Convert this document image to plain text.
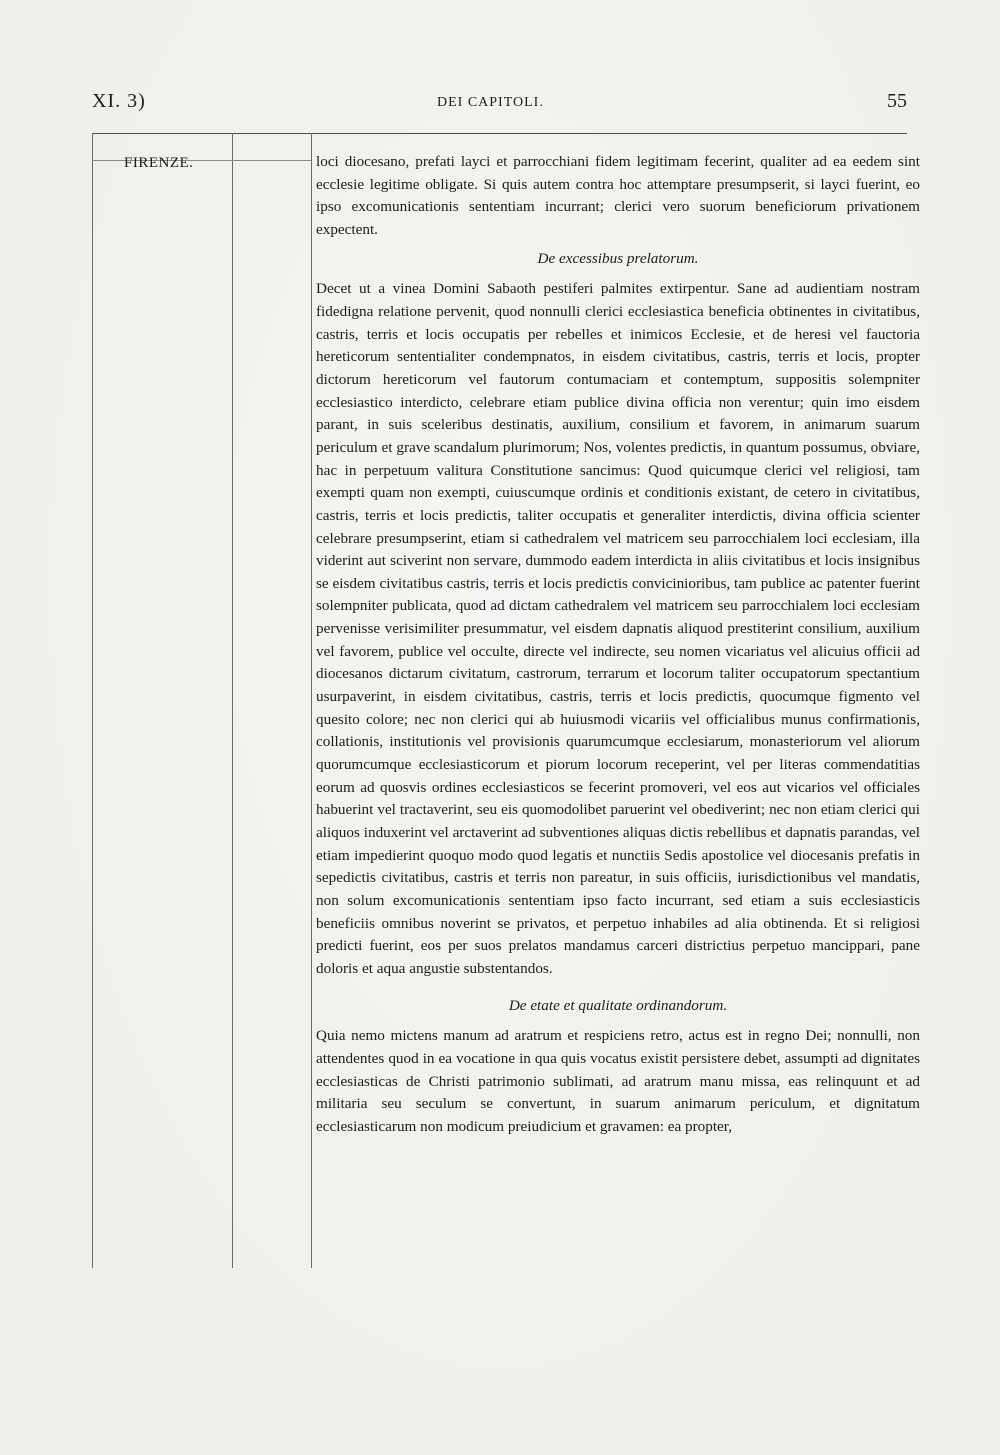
XI. 3)	DEI CAPITOLI.	55
FIRENZE.	loci diocesano, prefati layci et parrocchiani fidem legitimam fecerint, qualiter ad ea eedem sint ecclesie legitime obligate. Si quis autem contra hoc attemptare presumpserit, si layci fuerint, eo ipso excomunicationis sententiam incurrant; clerici vero suorum beneficiorum privationem expectent.

De excessibus prelatorum.

Decet ut a vinea Domini Sabaoth pestiferi palmites extirpentur. Sane ad audientiam nostram fidedigna relatione pervenit, quod nonnulli clerici ecclesiastica beneficia obtinentes in civitatibus, castris, terris et locis occupatis per rebelles et inimicos Ecclesie, et de heresi vel fauctoria hereticorum sententialiter condempnatos, in eisdem civitatibus, castris, terris et locis, propter dictorum hereticorum vel fautorum contumaciam et contemptum, suppositis solempniter ecclesiastico interdicto, celebrare etiam publice divina officia non verentur; quin imo eisdem parant, in suis sceleribus destinatis, auxilium, consilium et favorem, in animarum suarum periculum et grave scandalum plurimorum; Nos, volentes predictis, in quantum possumus, obviare, hac in perpetuum valitura Constitutione sancimus: Quod quicumque clerici vel religiosi, tam exempti quam non exempti, cuiuscumque ordinis et conditionis existant, de cetero in civitatibus, castris, terris et locis predictis, taliter occupatis et generaliter interdictis, divina officia scienter celebrare presumpserint, etiam si cathedralem vel matricem seu parrocchialem loci ecclesiam, illa viderint aut sciverint non servare, dummodo eadem interdicta in aliis civitatibus et locis insignibus se eisdem civitatibus castris, terris et locis predictis convicinioribus, tam publice ac patenter fuerint solempniter publicata, quod ad dictam cathedralem vel matricem seu parrocchialem loci ecclesiam pervenisse verisimiliter presummatur, vel eisdem dapnatis aliquod prestiterint consilium, auxilium vel favorem, publice vel occulte, directe vel indirecte, seu nomen vicariatus vel alicuius officii ad diocesanos dictarum civitatum, castrorum, terrarum et locorum taliter occupatorum spectantium usurpaverint, in eisdem civitatibus, castris, terris et locis predictis, quocumque figmento vel quesito colore; nec non clerici qui ab huiusmodi vicariis vel officialibus munus confirmationis, collationis, institutionis vel provisionis quarumcumque ecclesiarum, monasteriorum vel aliorum quorumcumque ecclesiasticorum et piorum locorum receperint, vel per literas commendatitias eorum ad quosvis ordines ecclesiasticos se fecerint promoveri, vel eos aut vicarios vel officiales habuerint vel tractaverint, seu eis quomodolibet paruerint vel obediverint; nec non etiam clerici qui aliquos induxerint vel arctaverint ad subventiones aliquas dictis rebellibus et dapnatis parandas, vel etiam impedierint quoquo modo quod legatis et nunctiis Sedis apostolice vel diocesanis prefatis in sepedictis civitatibus, castris et terris non pareatur, in suis officiis, iurisdictionibus vel mandatis, non solum excomunicationis sententiam ipso facto incurrant, sed etiam a suis ecclesiasticis beneficiis omnibus noverint se privatos, et perpetuo inhabiles ad alia obtinenda. Et si religiosi predicti fuerint, eos per suos prelatos mandamus carceri districtius perpetuo mancippari, pane doloris et aqua angustie substentandos.

De etate et qualitate ordinandorum.

Quia nemo mictens manum ad aratrum et respiciens retro, actus est in regno Dei; nonnulli, non attendentes quod in ea vocatione in qua quis vocatus existit persistere debet, assumpti ad dignitates ecclesiasticas de Christi patrimonio sublimati, ad aratrum manu missa, eas relinquunt et ad militaria seu seculum se convertunt, in suarum animarum periculum, et dignitatum ecclesiasticarum non modicum preiudicium et gravamen: ea propter,
